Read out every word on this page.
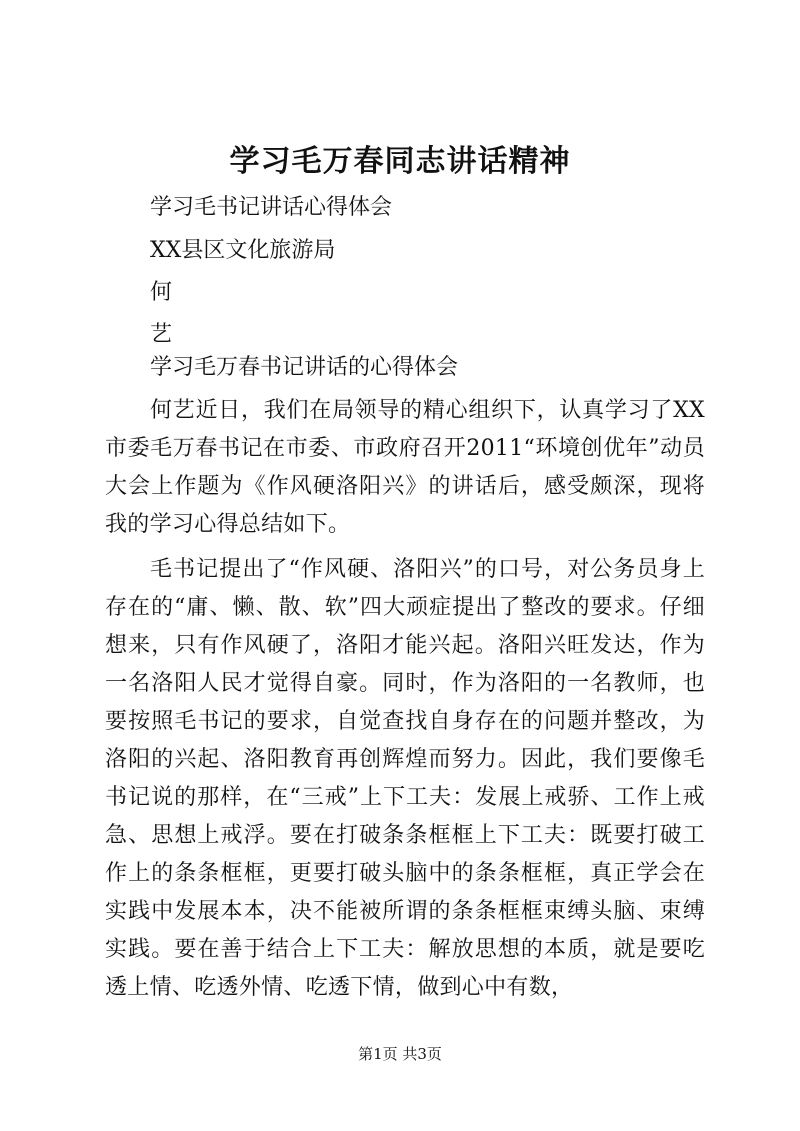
学习毛万春同志讲话精神
学习毛书记讲话心得体会
XX县区文化旅游局
何
艺
学习毛万春书记讲话的心得体会

何艺近日，我们在局领导的精心组织下，认真学习了XX市委毛万春书记在市委、市政府召开2011“环境创优年”动员大会上作题为《作风硬洛阳兴》的讲话后，感受颇深，现将我的学习心得总结如下。

毛书记提出了“作风硬、洛阳兴”的口号，对公务员身上存在的“庸、懒、散、软”四大顽症提出了整改的要求。仔细想来，只有作风硬了，洛阳才能兴起。洛阳兴旺发达，作为一名洛阳人民才觉得自豪。同时，作为洛阳的一名教师，也要按照毛书记的要求，自觉查找自身存在的问题并整改，为洛阳的兴起、洛阳教育再创辉煌而努力。因此，我们要像毛书记说的那样，在“三戒”上下工夫：发展上戒骄、工作上戒急、思想上戒浮。要在打破条条框框上下工夫：既要打破工作上的条条框框，更要打破头脑中的条条框框，真正学会在实践中发展本本，决不能被所谓的条条框框束缚头脑、束缚实践。要在善于结合上下工夫：解放思想的本质，就是要吃透上情、吃透外情、吃透下情，做到心中有数，

第1页 共3页
